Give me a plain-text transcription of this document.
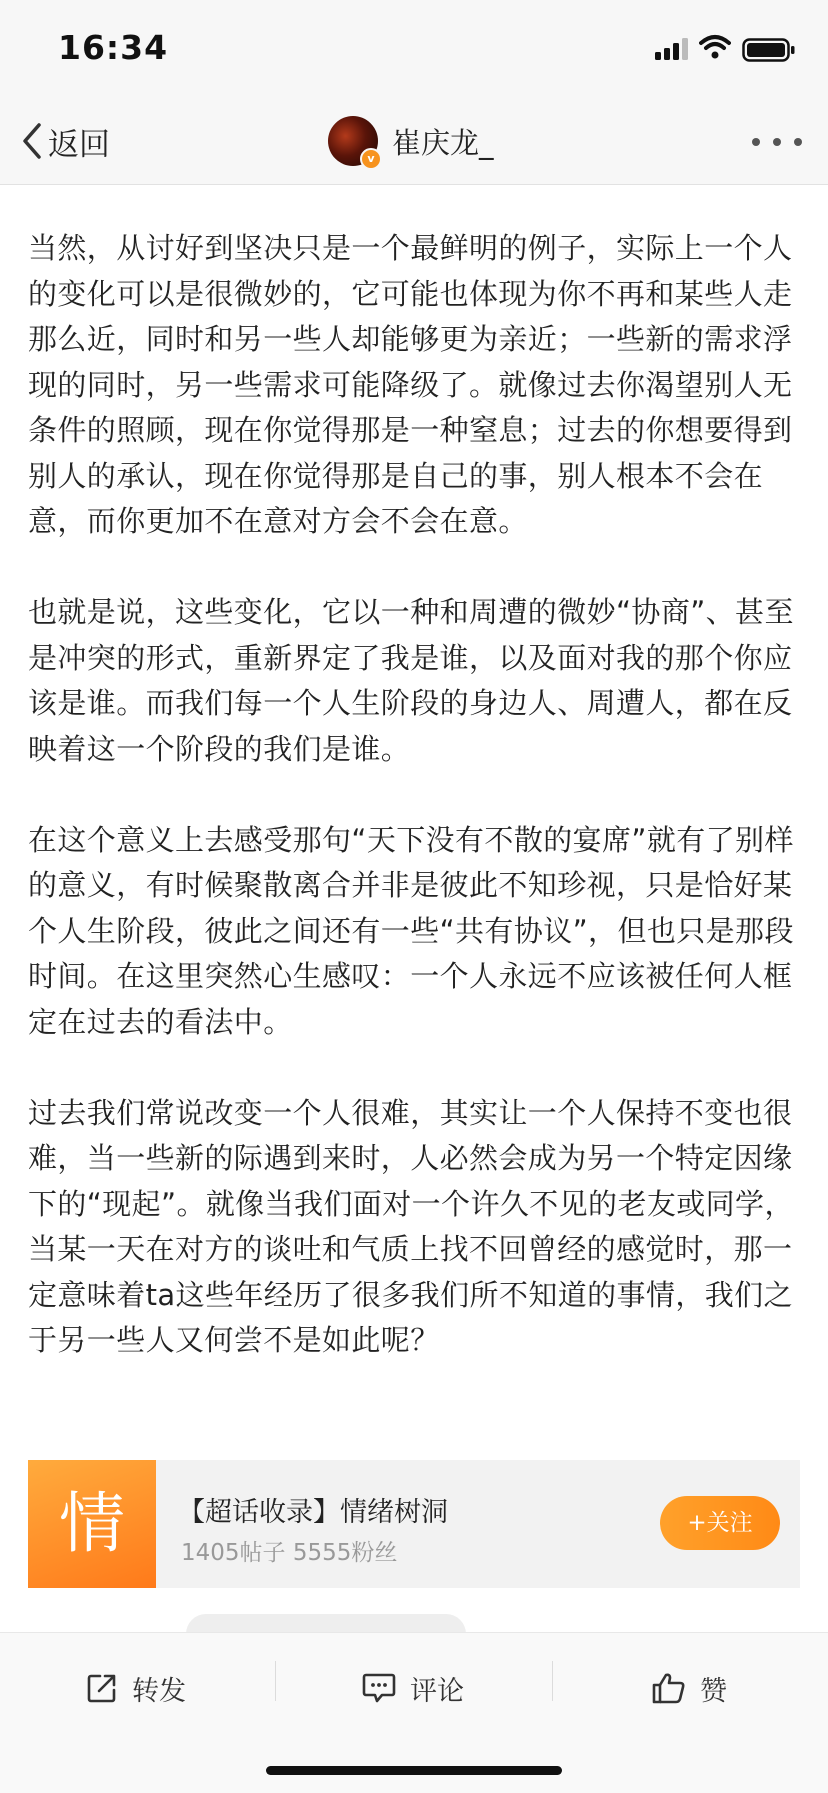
16:34
返回	v 崔庆龙_

当然，从讨好到坚决只是一个最鲜明的例子，实际上一个人的变化可以是很微妙的，它可能也体现为你不再和某些人走那么近，同时和另一些人却能够更为亲近；一些新的需求浮现的同时，另一些需求可能降级了。就像过去你渴望别人无条件的照顾，现在你觉得那是一种窒息；过去的你想要得到别人的承认，现在你觉得那是自己的事，别人根本不会在意，而你更加不在意对方会不会在意。

也就是说，这些变化，它以一种和周遭的微妙“协商”、甚至是冲突的形式，重新界定了我是谁，以及面对我的那个你应该是谁。而我们每一个人生阶段的身边人、周遭人，都在反映着这一个阶段的我们是谁。

在这个意义上去感受那句“天下没有不散的宴席”就有了别样的意义，有时候聚散离合并非是彼此不知珍视，只是恰好某个人生阶段，彼此之间还有一些“共有协议”，但也只是那段时间。在这里突然心生感叹：一个人永远不应该被任何人框定在过去的看法中。

过去我们常说改变一个人很难，其实让一个人保持不变也很难，当一些新的际遇到来时，人必然会成为另一个特定因缘下的“现起”。就像当我们面对一个许久不见的老友或同学，当某一天在对方的谈吐和气质上找不回曾经的感觉时，那一定意味着ta这些年经历了很多我们所不知道的事情，我们之于另一些人又何尝不是如此呢？

情	【超话收录】情绪树洞
1405帖子 5555粉丝
+关注
转发	评论	赞
